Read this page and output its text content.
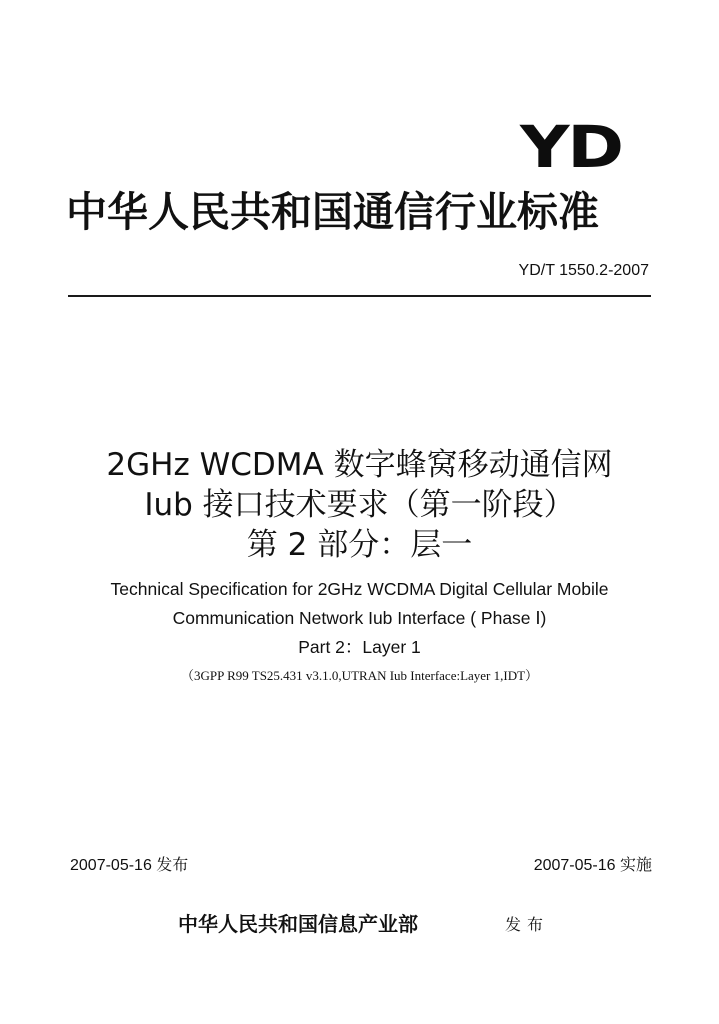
YD
中华人民共和国通信行业标准
YD/T 1550.2-2007
2GHz WCDMA 数字蜂窝移动通信网
Iub 接口技术要求（第一阶段）
第 2 部分：层一
Technical Specification for 2GHz WCDMA Digital Cellular Mobile
Communication Network Iub Interface ( Phase Ⅰ)
Part 2：Layer 1
（3GPP R99 TS25.431 v3.1.0,UTRAN Iub Interface:Layer 1,IDT）
2007-05-16 发布	2007-05-16 实施
中华人民共和国信息产业部	发布
